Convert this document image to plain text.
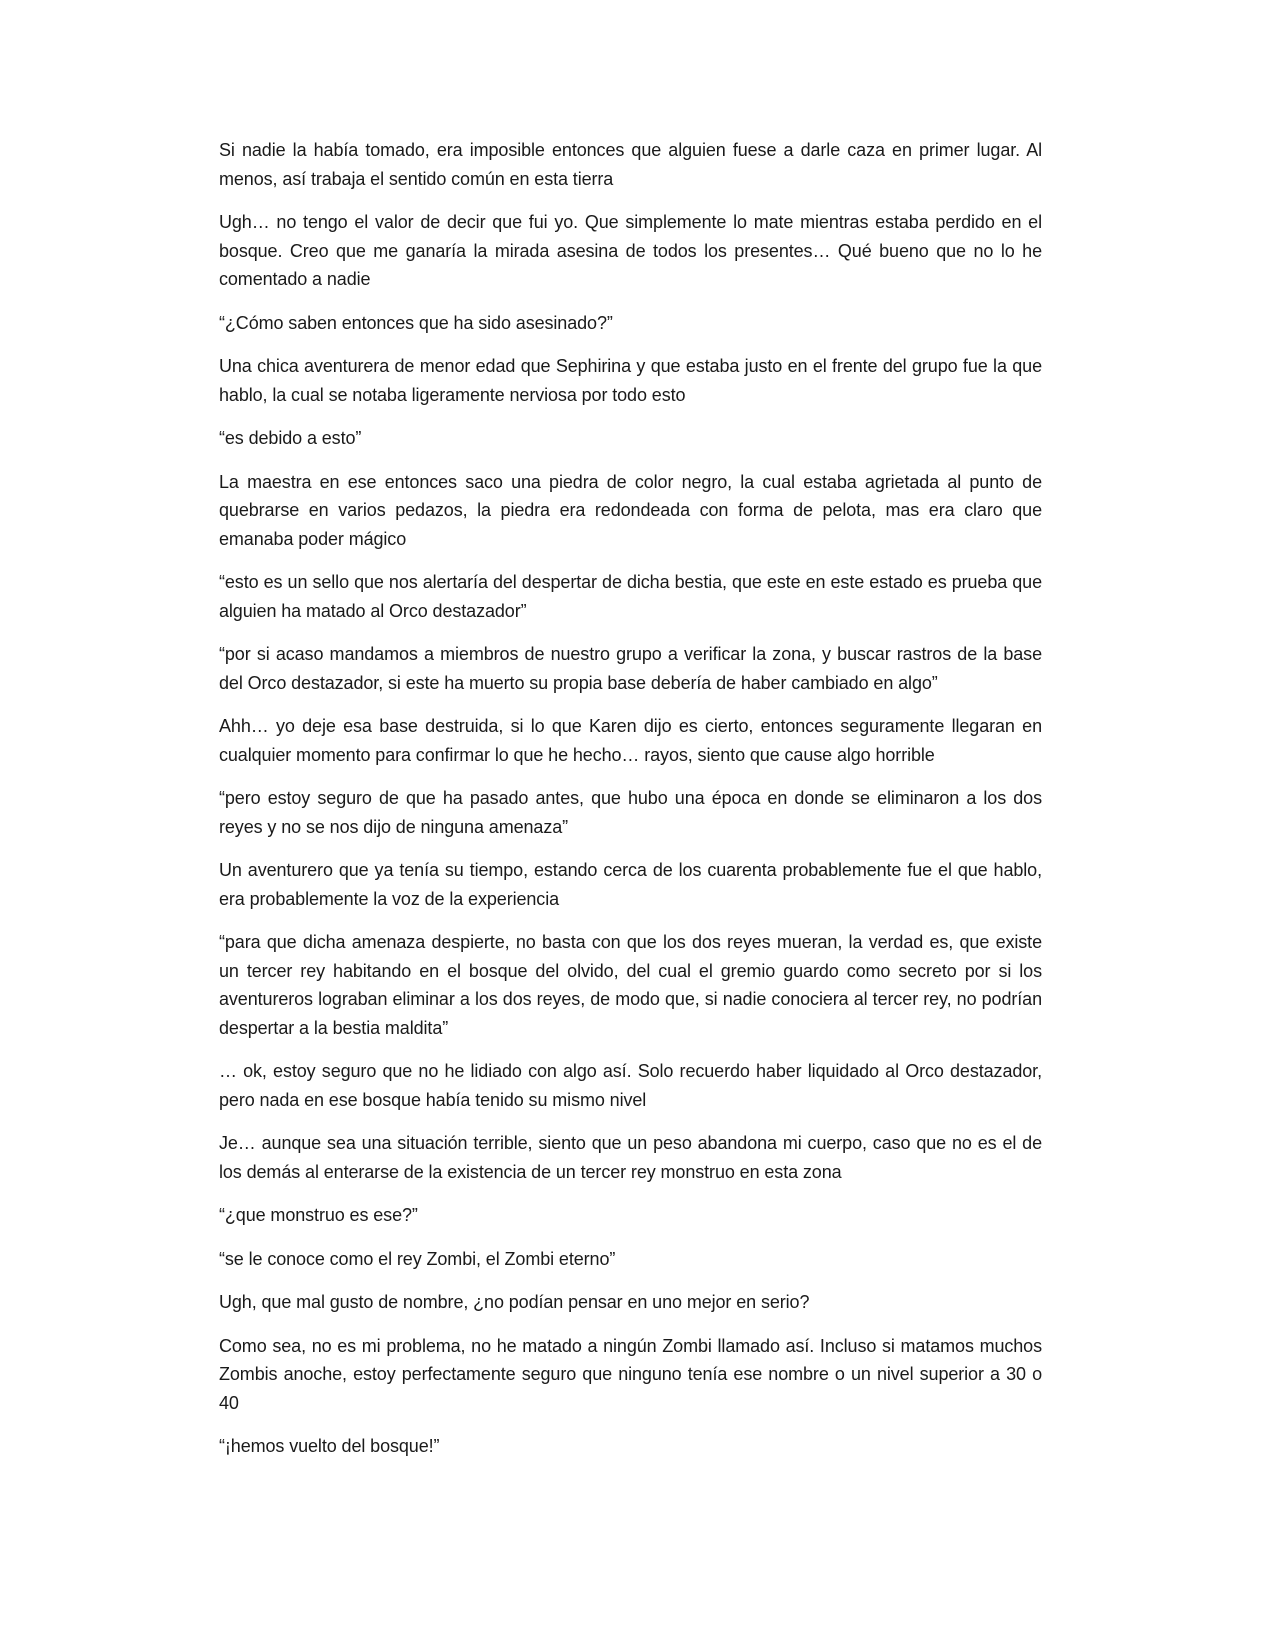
Si nadie la había tomado, era imposible entonces que alguien fuese a darle caza en primer lugar. Al menos, así trabaja el sentido común en esta tierra

Ugh… no tengo el valor de decir que fui yo. Que simplemente lo mate mientras estaba perdido en el bosque. Creo que me ganaría la mirada asesina de todos los presentes… Qué bueno que no lo he comentado a nadie

“¿Cómo saben entonces que ha sido asesinado?”

Una chica aventurera de menor edad que Sephirina y que estaba justo en el frente del grupo fue la que hablo, la cual se notaba ligeramente nerviosa por todo esto

“es debido a esto”

La maestra en ese entonces saco una piedra de color negro, la cual estaba agrietada al punto de quebrarse en varios pedazos, la piedra era redondeada con forma de pelota, mas era claro que emanaba poder mágico

“esto es un sello que nos alertaría del despertar de dicha bestia, que este en este estado es prueba que alguien ha matado al Orco destazador”

“por si acaso mandamos a miembros de nuestro grupo a verificar la zona, y buscar rastros de la base del Orco destazador, si este ha muerto su propia base debería de haber cambiado en algo”

Ahh… yo deje esa base destruida, si lo que Karen dijo es cierto, entonces seguramente llegaran en cualquier momento para confirmar lo que he hecho… rayos, siento que cause algo horrible

“pero estoy seguro de que ha pasado antes, que hubo una época en donde se eliminaron a los dos reyes y no se nos dijo de ninguna amenaza”

Un aventurero que ya tenía su tiempo, estando cerca de los cuarenta probablemente fue el que hablo, era probablemente la voz de la experiencia

“para que dicha amenaza despierte, no basta con que los dos reyes mueran, la verdad es, que existe un tercer rey habitando en el bosque del olvido, del cual el gremio guardo como secreto por si los aventureros lograban eliminar a los dos reyes, de modo que, si nadie conociera al tercer rey, no podrían despertar a la bestia maldita”

… ok, estoy seguro que no he lidiado con algo así. Solo recuerdo haber liquidado al Orco destazador, pero nada en ese bosque había tenido su mismo nivel

Je… aunque sea una situación terrible, siento que un peso abandona mi cuerpo, caso que no es el de los demás al enterarse de la existencia de un tercer rey monstruo en esta zona

“¿que monstruo es ese?”

“se le conoce como el rey Zombi, el Zombi eterno”

Ugh, que mal gusto de nombre, ¿no podían pensar en uno mejor en serio?

Como sea, no es mi problema, no he matado a ningún Zombi llamado así. Incluso si matamos muchos Zombis anoche, estoy perfectamente seguro que ninguno tenía ese nombre o un nivel superior a 30 o 40

“¡hemos vuelto del bosque!”
